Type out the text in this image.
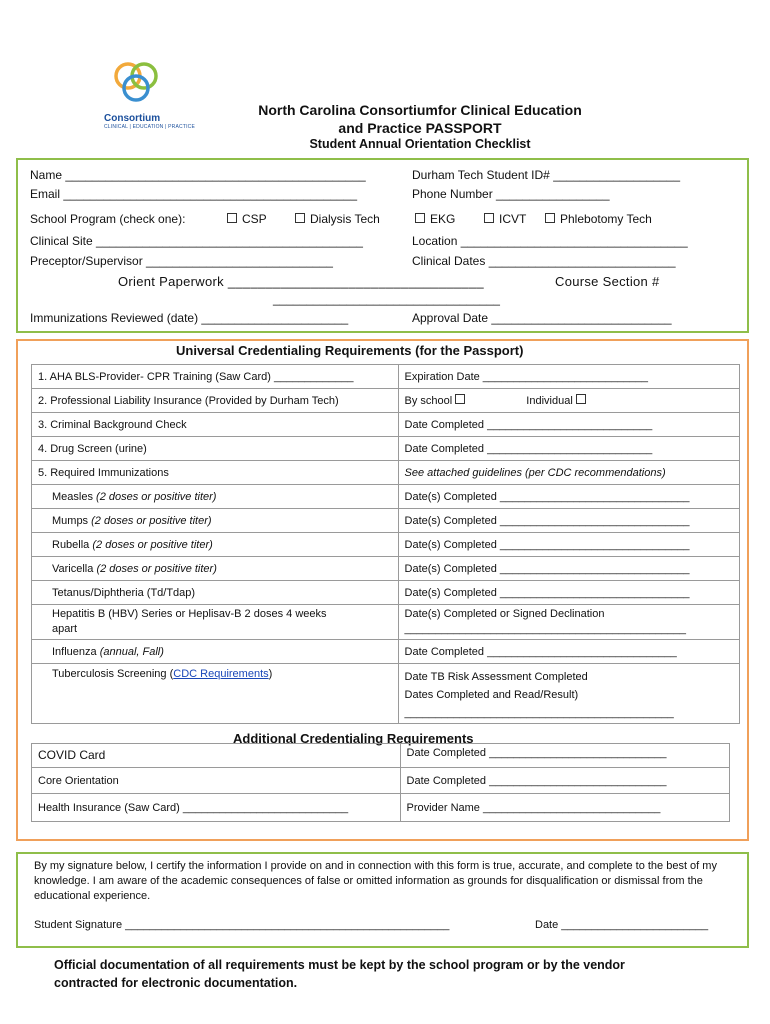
Consortium
CLINICAL | EDUCATION | PRACTICE
North Carolina Consortiumfor Clinical Education
and Practice PASSPORT
Student Annual Orientation Checklist
Name _____________________________________________	Durham Tech Student ID# ___________________
Email ____________________________________________	Phone Number _________________
School Program (check one):	CSP	Dialysis Tech	EKG	ICVT	Phlebotomy Tech
Clinical Site ________________________________________	Location __________________________________
Preceptor/Supervisor ____________________________	Clinical Dates ____________________________
Orient Paperwork __________________________________	Course Section #
__________________________________
Immunizations Reviewed (date) ______________________	Approval Date ___________________________
Universal Credentialing Requirements (for the Passport)
1. AHA BLS-Provider- CPR Training (Saw Card) _____________	Expiration Date ___________________________
2. Professional Liability Insurance (Provided by Durham Tech)	By school Individual
3. Criminal Background Check	Date Completed ___________________________
4. Drug Screen (urine)	Date Completed ___________________________
5. Required Immunizations	See attached guidelines (per CDC recommendations)
Measles (2 doses or positive titer)	Date(s) Completed _______________________________
Mumps (2 doses or positive titer)	Date(s) Completed _______________________________
Rubella (2 doses or positive titer)	Date(s) Completed _______________________________
Varicella (2 doses or positive titer)	Date(s) Completed _______________________________
Tetanus/Diphtheria (Td/Tdap)	Date(s) Completed _______________________________
Hepatitis B (HBV) Series or Heplisav-B 2 doses 4 weeks
apart	Date(s) Completed or Signed Declination
______________________________________________
Influenza (annual, Fall)	Date Completed _______________________________
Tuberculosis Screening (CDC Requirements)	Date TB Risk Assessment Completed
Dates Completed and Read/Result)
____________________________________________
Additional Credentialing Requirements
COVID Card	Date Completed _____________________________
Core Orientation	Date Completed _____________________________
Health Insurance (Saw Card) ___________________________	Provider Name _____________________________
By my signature below, I certify the information I provide on and in connection with this form is true, accurate, and complete to the best of my knowledge. I am aware of the academic consequences of false or omitted information as grounds for disqualification or dismissal from the educational experience.
Student Signature _____________________________________________________	Date ________________________
Official documentation of all requirements must be kept by the school program or by the vendor
contracted for electronic documentation.
